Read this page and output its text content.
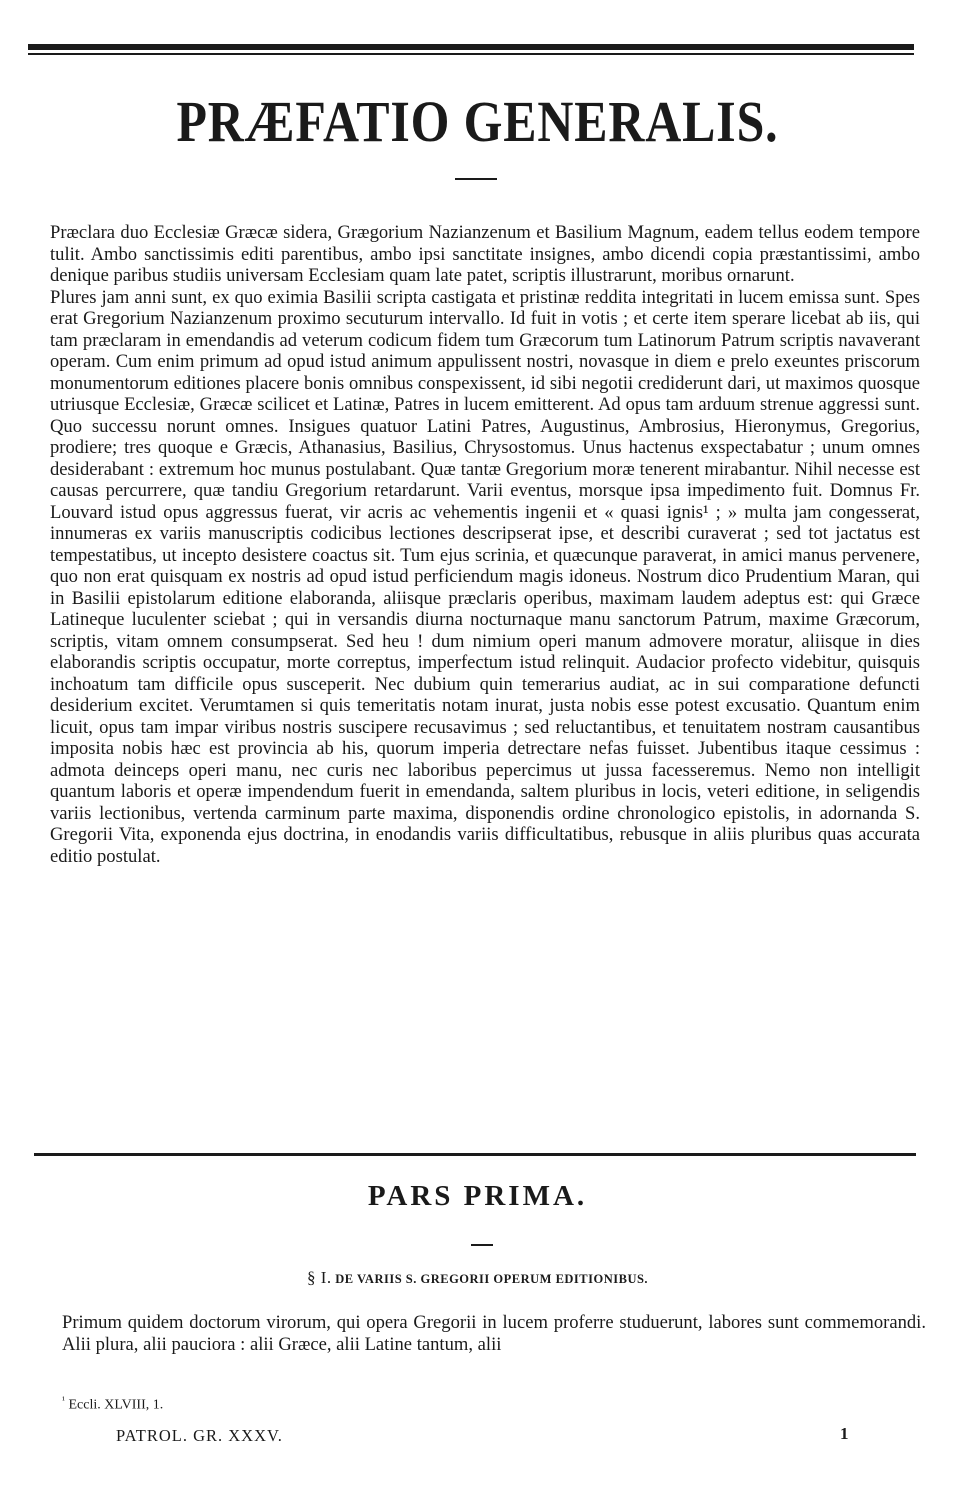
PRÆFATIO GENERALIS.

Præclara duo Ecclesiæ Græcæ sidera, Grægorium Nazianzenum et Basilium Magnum, eadem tellus eodem tempore tulit. Ambo sanctissimis editi parentibus, ambo ipsi sanctitate insignes, ambo dicendi copia præstantissimi, ambo denique paribus studiis universam Ecclesiam quam late patet, scriptis illustrarunt, moribus ornarunt.

Plures jam anni sunt, ex quo eximia Basilii scripta castigata et pristinæ reddita integritati in lucem emissa sunt. Spes erat Gregorium Nazianzenum proximo secuturum intervallo. Id fuit in votis ; et certe item sperare licebat ab iis, qui tam præclaram in emendandis ad veterum codicum fidem tum Græcorum tum Latinorum Patrum scriptis navaverant operam. Cum enim primum ad opud istud animum appulissent nostri, novasque in diem e prelo exeuntes priscorum monumentorum editiones placere bonis omnibus conspexissent, id sibi negotii crediderunt dari, ut maximos quosque utriusque Ecclesiæ, Græcæ scilicet et Latinæ, Patres in lucem emitterent. Ad opus tam arduum strenue aggressi sunt. Quo successu norunt omnes. Insigues quatuor Latini Patres, Augustinus, Ambrosius, Hieronymus, Gregorius, prodiere; tres quoque e Græcis, Athanasius, Basilius, Chrysostomus. Unus hactenus exspectabatur ; unum omnes desiderabant : extremum hoc munus postulabant. Quæ tantæ Gregorium moræ tenerent mirabantur. Nihil necesse est causas percurrere, quæ tandiu Gregorium retardarunt. Varii eventus, morsque ipsa impedimento fuit. Domnus Fr. Louvard istud opus aggressus fuerat, vir acris ac vehementis ingenii et « quasi ignis¹ ; » multa jam congesserat, innumeras ex variis manuscriptis codicibus lectiones descripserat ipse, et describi curaverat ; sed tot jactatus est tempestatibus, ut incepto desistere coactus sit. Tum ejus scrinia, et quæcunque paraverat, in amici manus pervenere, quo non erat quisquam ex nostris ad opud istud perficiendum magis idoneus. Nostrum dico Prudentium Maran, qui in Basilii epistolarum editione elaboranda, aliisque præclaris operibus, maximam laudem adeptus est: qui Græce Latineque luculenter sciebat ; qui in versandis diurna nocturnaque manu sanctorum Patrum, maxime Græcorum, scriptis, vitam omnem consumpserat. Sed heu ! dum nimium operi manum admovere moratur, aliisque in dies elaborandis scriptis occupatur, morte correptus, imperfectum istud relinquit. Audacior profecto videbitur, quisquis inchoatum tam difficile opus susceperit. Nec dubium quin temerarius audiat, ac in sui comparatione defuncti desiderium excitet. Verumtamen si quis temeritatis notam inurat, justa nobis esse potest excusatio. Quantum enim licuit, opus tam impar viribus nostris suscipere recusavimus ; sed reluctantibus, et tenuitatem nostram causantibus imposita nobis hæc est provincia ab his, quorum imperia detrectare nefas fuisset. Jubentibus itaque cessimus : admota deinceps operi manu, nec curis nec laboribus pepercimus ut jussa facesseremus. Nemo non intelligit quantum laboris et operæ impendendum fuerit in emendanda, saltem pluribus in locis, veteri editione, in seligendis variis lectionibus, vertenda carminum parte maxima, disponendis ordine chronologico epistolis, in adornanda S. Gregorii Vita, exponenda ejus doctrina, in enodandis variis difficultatibus, rebusque in aliis pluribus quas accurata editio postulat.

PARS PRIMA.
§ I. DE VARIIS S. GREGORII OPERUM EDITIONIBUS.

Primum quidem doctorum virorum, qui opera Gregorii in lucem proferre studuerunt, labores sunt commemorandi. Alii plura, alii pauciora : alii Græce, alii Latine tantum, alii

$^{^1}$ Eccli. XLVIII, 1.

PATROL. GR. XXXV.	1
